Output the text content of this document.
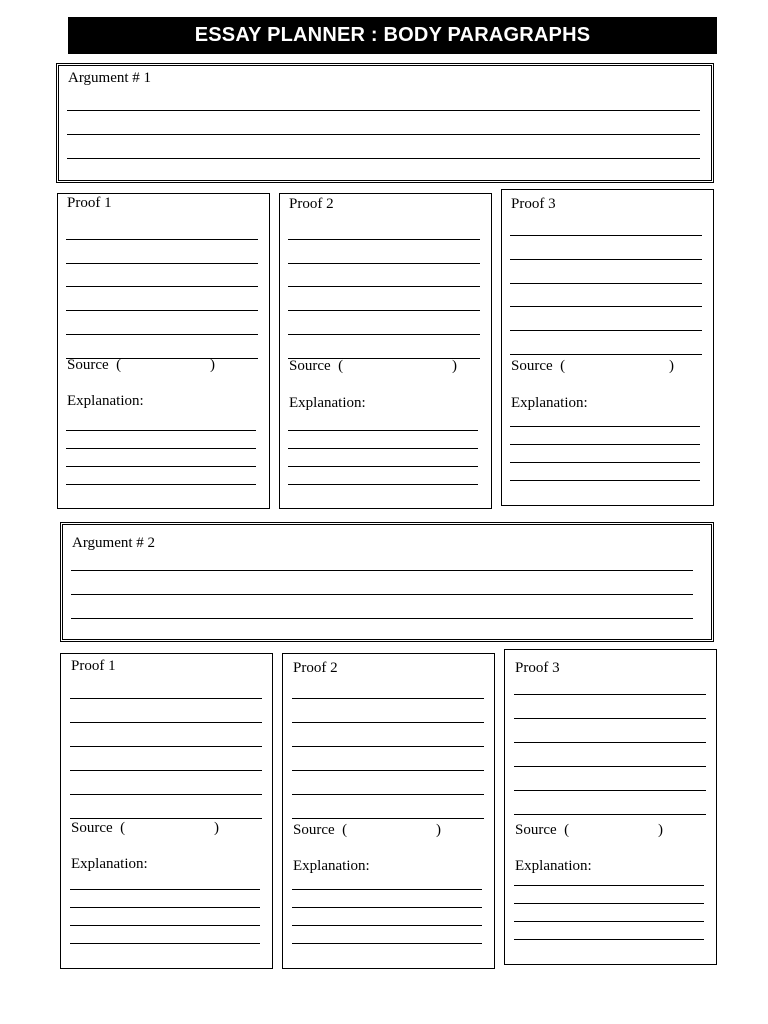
ESSAY PLANNER : BODY PARAGRAPHS
Argument # 1
Proof 1
Source  (	)
Explanation:
Proof 2
Source  (	)
Explanation:
Proof 3
Source  (	)
Explanation:
Argument # 2
Proof 1
Source  (	)
Explanation:
Proof 2
Source  (	)
Explanation:
Proof 3
Source  (	)
Explanation:
